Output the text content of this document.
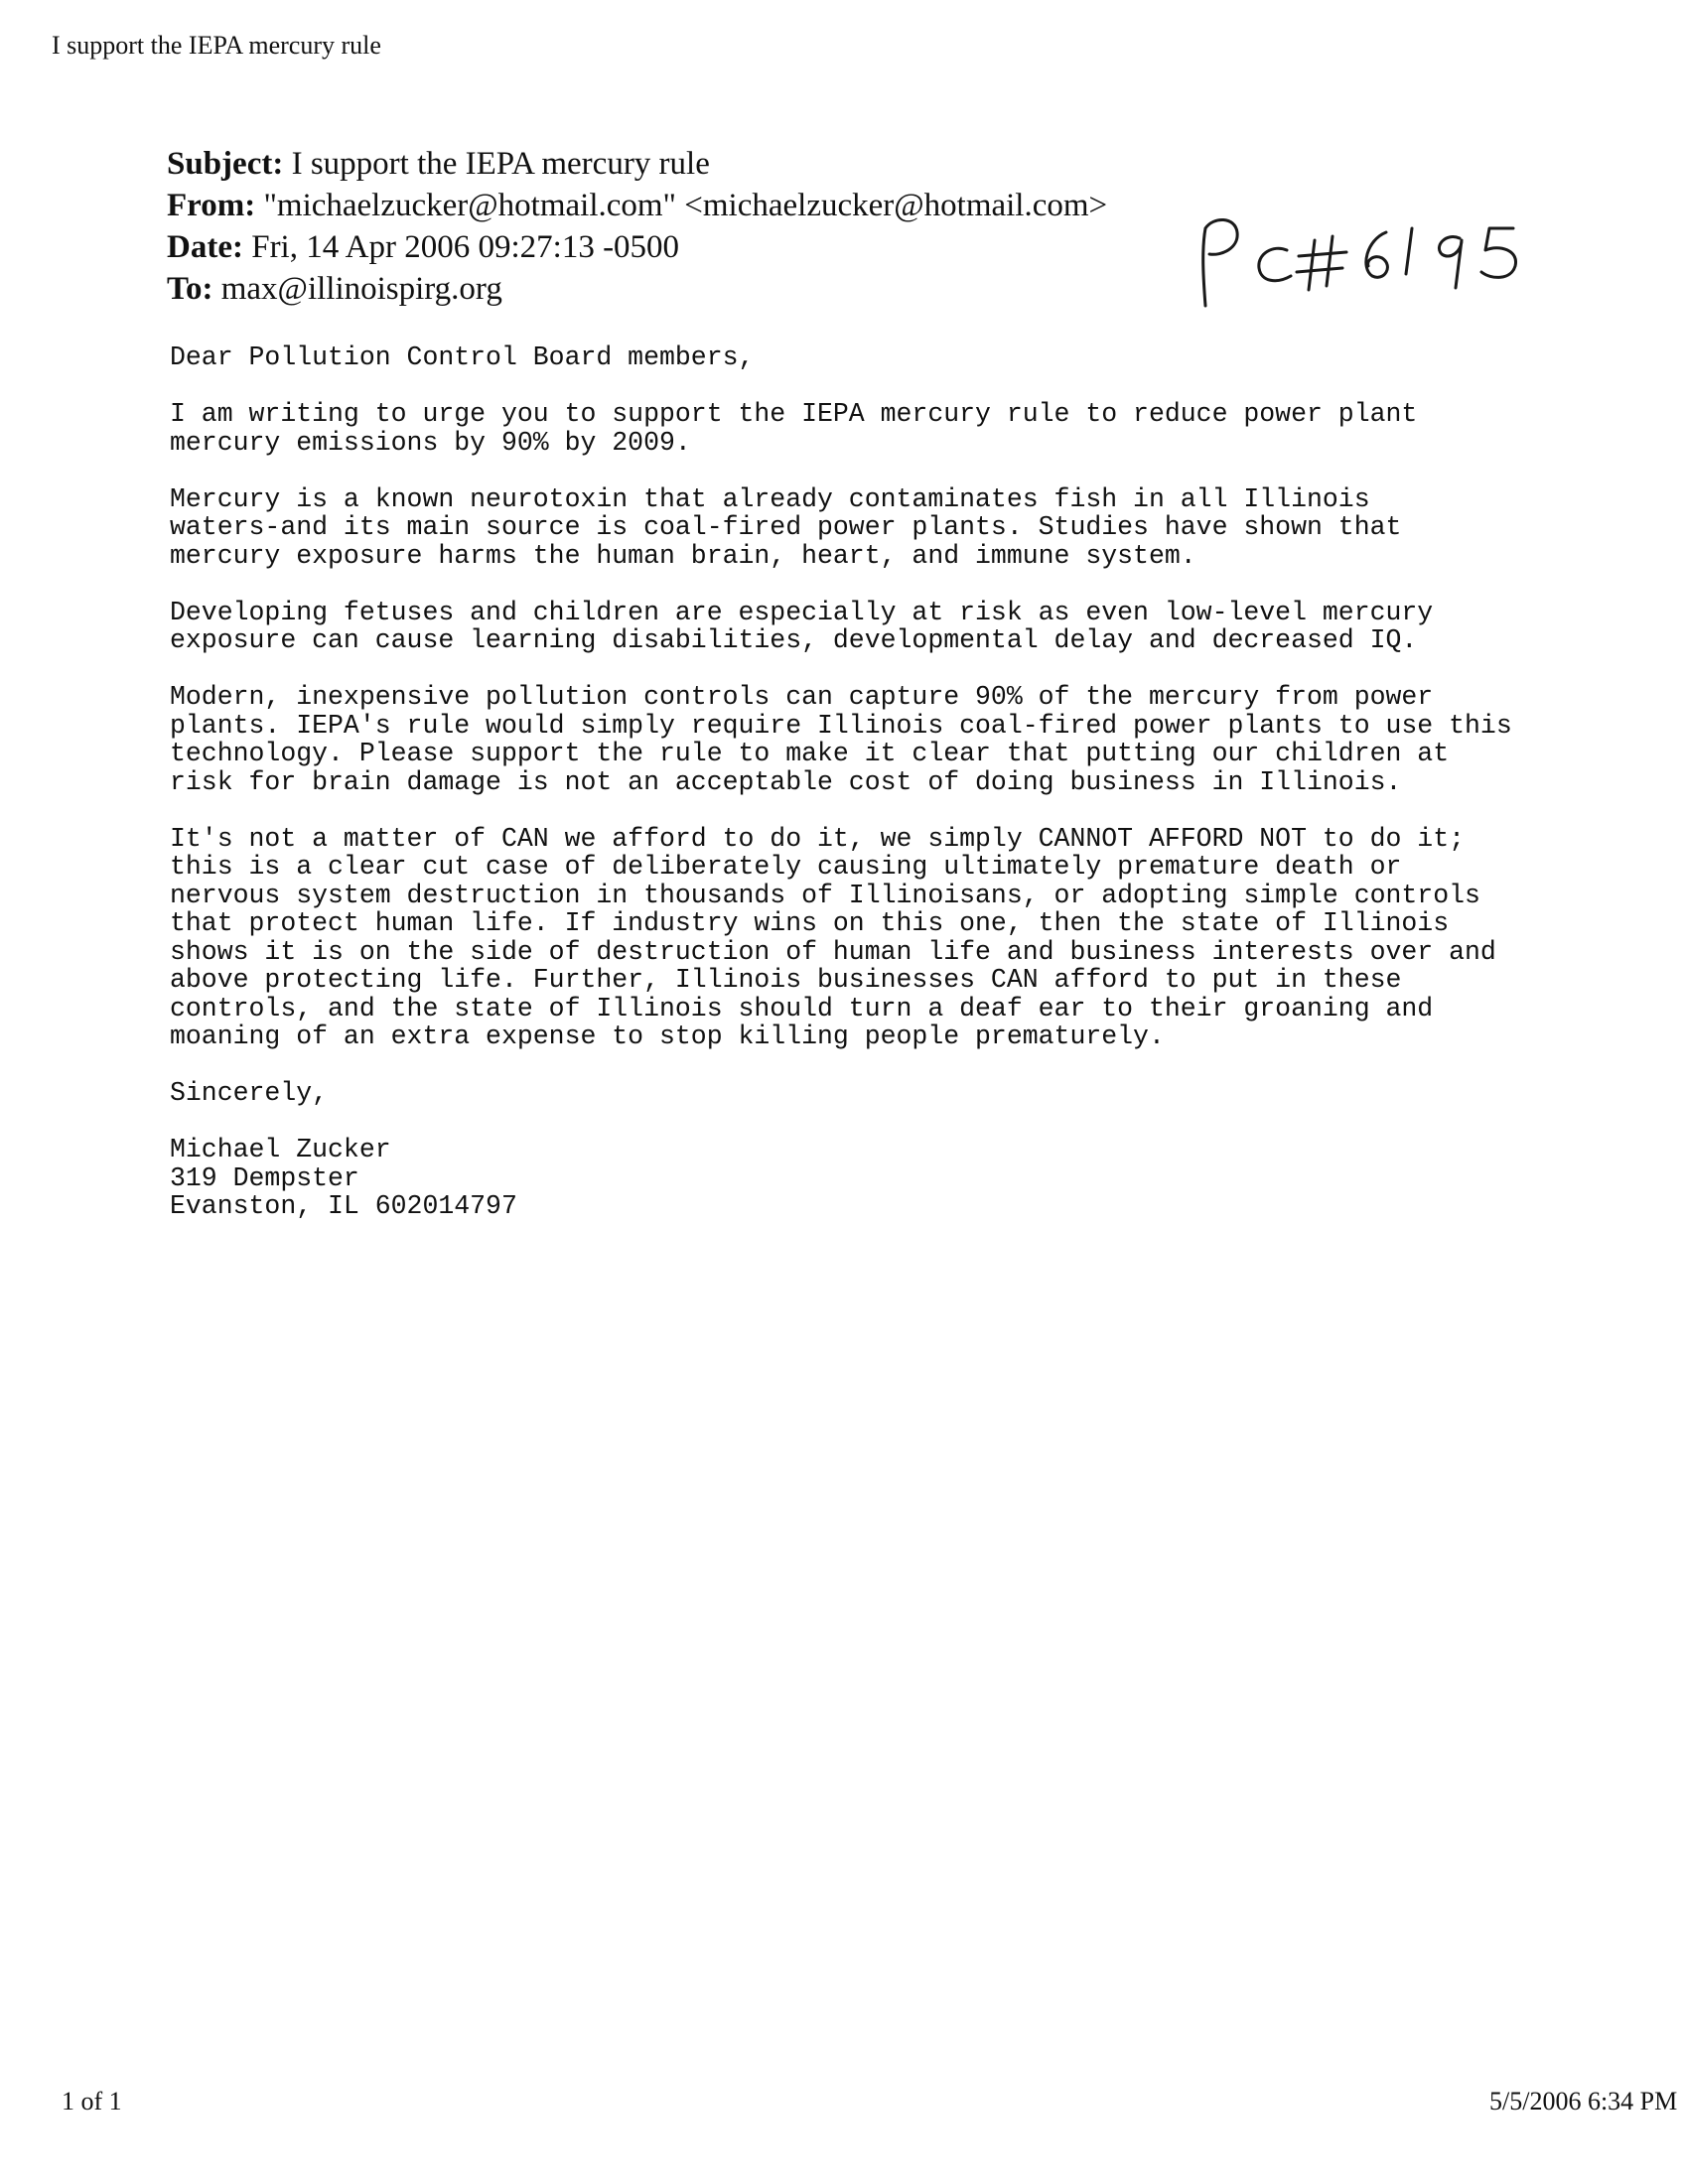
I support the IEPA mercury rule
Subject: I support the IEPA mercury rule
From: "michaelzucker@hotmail.com" <michaelzucker@hotmail.com>
Date: Fri, 14 Apr 2006 09:27:13 -0500
To: max@illinoispirg.org

Dear Pollution Control Board members,

I am writing to urge you to support the IEPA mercury rule to reduce power plant
mercury emissions by 90% by 2009.

Mercury is a known neurotoxin that already contaminates fish in all Illinois
waters-and its main source is coal-fired power plants. Studies have shown that
mercury exposure harms the human brain, heart, and immune system.

Developing fetuses and children are especially at risk as even low-level mercury
exposure can cause learning disabilities, developmental delay and decreased IQ.

Modern, inexpensive pollution controls can capture 90% of the mercury from power
plants. IEPA's rule would simply require Illinois coal-fired power plants to use this
technology. Please support the rule to make it clear that putting our children at
risk for brain damage is not an acceptable cost of doing business in Illinois.

It's not a matter of CAN we afford to do it, we simply CANNOT AFFORD NOT to do it;
this is a clear cut case of deliberately causing ultimately premature death or
nervous system destruction in thousands of Illinoisans, or adopting simple controls
that protect human life. If industry wins on this one, then the state of Illinois
shows it is on the side of destruction of human life and business interests over and
above protecting life. Further, Illinois businesses CAN afford to put in these
controls, and the state of Illinois should turn a deaf ear to their groaning and
moaning of an extra expense to stop killing people prematurely.

Sincerely,

Michael Zucker
319 Dempster
Evanston, IL 602014797
1 of 1	5/5/2006 6:34 PM
